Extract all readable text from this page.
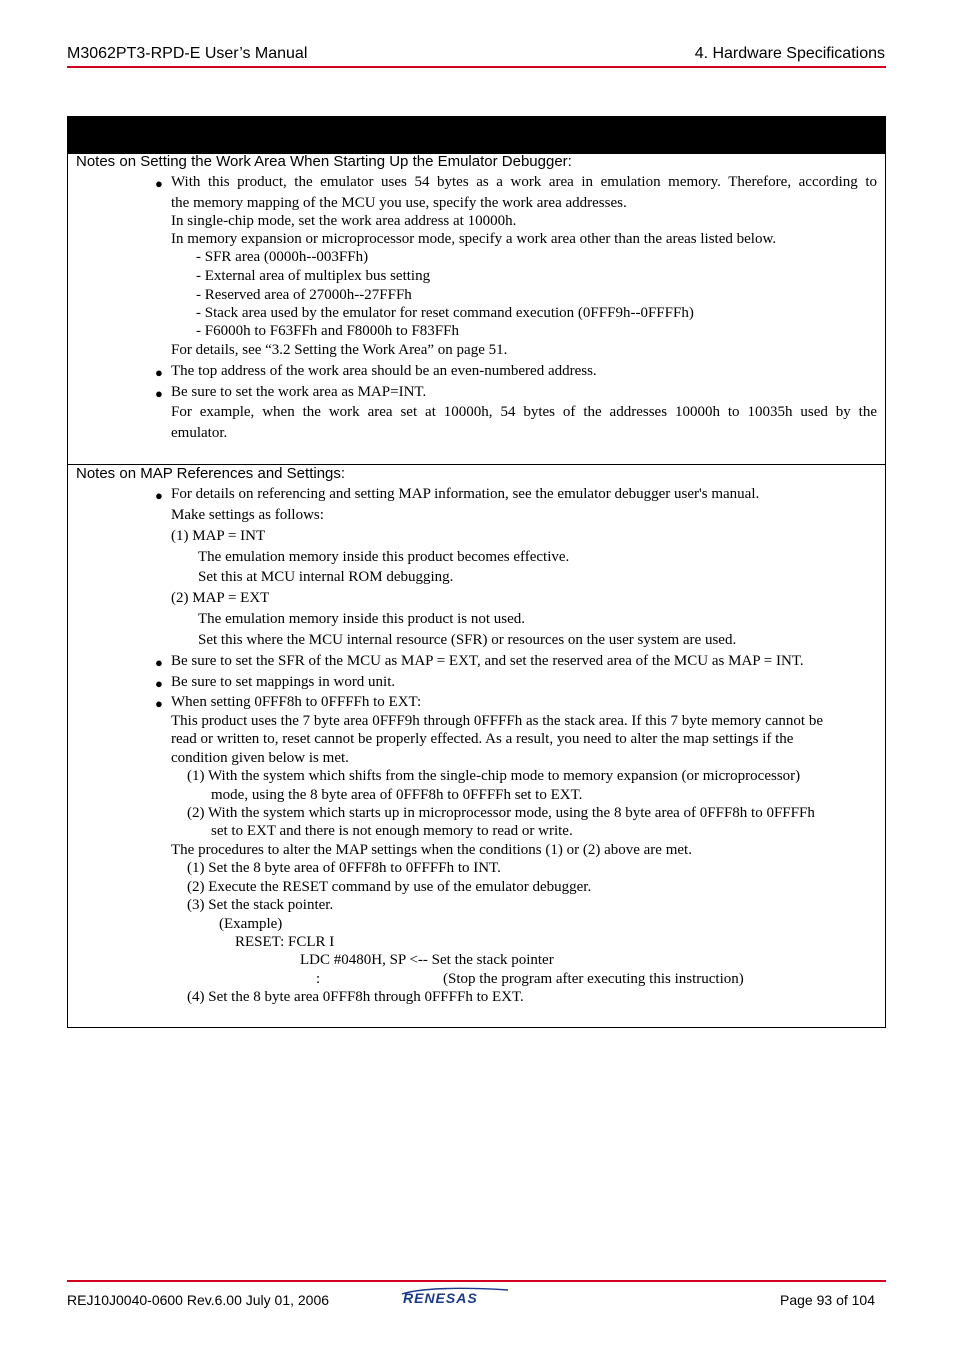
M3062PT3-RPD-E User’s Manual	4. Hardware Specifications
Notes on Setting the Work Area When Starting Up the Emulator Debugger:
● With this product, the emulator uses 54 bytes as a work area in emulation memory. Therefore, according to
the memory mapping of the MCU you use, specify the work area addresses.
In single-chip mode, set the work area address at 10000h.
In memory expansion or microprocessor mode, specify a work area other than the areas listed below.
- SFR area (0000h--003FFh)
- External area of multiplex bus setting
- Reserved area of 27000h--27FFFh
- Stack area used by the emulator for reset command execution (0FFF9h--0FFFFh)
- F6000h to F63FFh and F8000h to F83FFh
For details, see “3.2 Setting the Work Area” on page 51.
● The top address of the work area should be an even-numbered address.
● Be sure to set the work area as MAP=INT.
For example, when the work area set at 10000h, 54 bytes of the addresses 10000h to 10035h used by the
emulator.
Notes on MAP References and Settings:
● For details on referencing and setting MAP information, see the emulator debugger user's manual.
Make settings as follows:
(1) MAP = INT
The emulation memory inside this product becomes effective.
Set this at MCU internal ROM debugging.
(2) MAP = EXT
The emulation memory inside this product is not used.
Set this where the MCU internal resource (SFR) or resources on the user system are used.
● Be sure to set the SFR of the MCU as MAP = EXT, and set the reserved area of the MCU as MAP = INT.
● Be sure to set mappings in word unit.
● When setting 0FFF8h to 0FFFFh to EXT:
This product uses the 7 byte area 0FFF9h through 0FFFFh as the stack area. If this 7 byte memory cannot be
read or written to, reset cannot be properly effected. As a result, you need to alter the map settings if the
condition given below is met.
(1) With the system which shifts from the single-chip mode to memory expansion (or microprocessor)
mode, using the 8 byte area of 0FFF8h to 0FFFFh set to EXT.
(2) With the system which starts up in microprocessor mode, using the 8 byte area of 0FFF8h to 0FFFFh
set to EXT and there is not enough memory to read or write.
The procedures to alter the MAP settings when the conditions (1) or (2) above are met.
(1) Set the 8 byte area of 0FFF8h to 0FFFFh to INT.
(2) Execute the RESET command by use of the emulator debugger.
(3) Set the stack pointer.
(Example)
RESET: FCLR I
LDC #0480H, SP <-- Set the stack pointer
:	(Stop the program after executing this instruction)
(4) Set the 8 byte area 0FFF8h through 0FFFFh to EXT.
REJ10J0040-0600 Rev.6.00 July 01, 2006	RENESAS	Page 93 of 104
